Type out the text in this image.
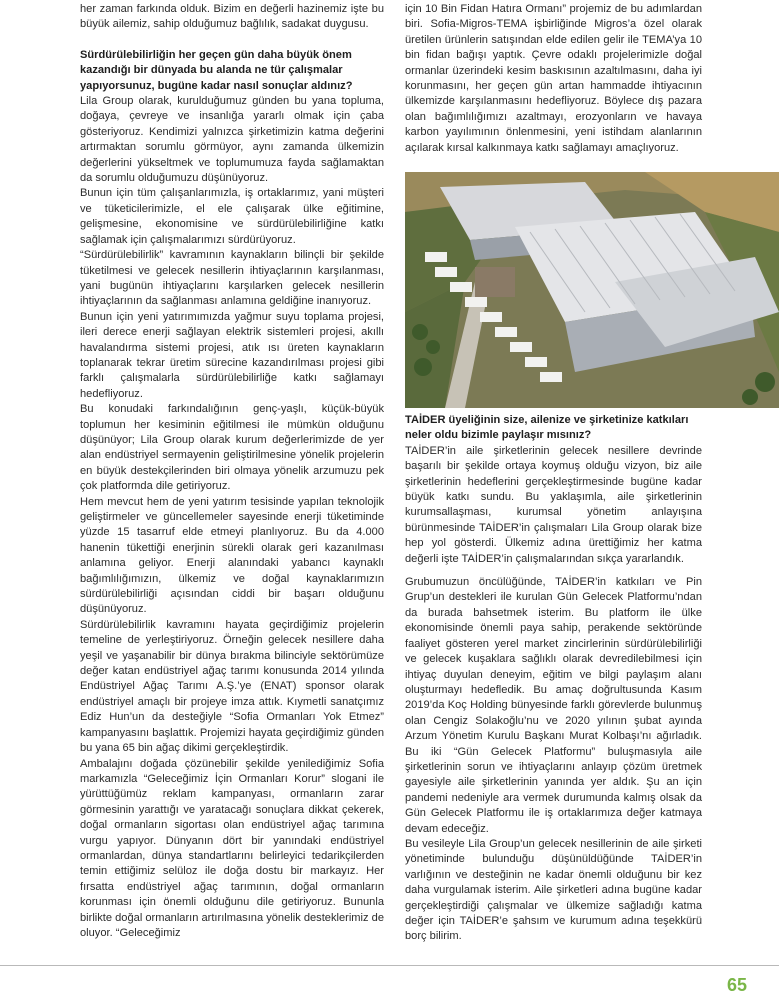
her zaman farkında olduk. Bizim en değerli hazinemiz işte bu büyük ailemiz, sahip olduğumuz bağlılık, sadakat duygusu.

Sürdürülebilirliğin her geçen gün daha büyük önem kazandığı bir dünyada bu alanda ne tür çalışmalar yapıyorsunuz, bugüne kadar nasıl sonuçlar aldınız?

Lila Group olarak, kurulduğumuz günden bu yana topluma, doğaya, çevreye ve insanlığa yararlı olmak için çaba gösteriyoruz. Kendimizi yalnızca şirketimizin katma değerini artırmaktan sorumlu görmüyor, aynı zamanda ülkemizin değerlerini yükseltmek ve toplumumuza fayda sağlamaktan da sorumlu olduğumuzu düşünüyoruz.

Bunun için tüm çalışanlarımızla, iş ortaklarımız, yani müşteri ve tüketicilerimizle, el ele çalışarak ülke eğitimine, gelişmesine, ekonomisine ve sürdürülebilirliğine katkı sağlamak için çalışmalarımızı sürdürüyoruz.

“Sürdürülebilirlik” kavramının kaynakların bilinçli bir şekilde tüketilmesi ve gelecek nesillerin ihtiyaçlarının karşılanması, yani bugünün ihtiyaçlarını karşılarken gelecek nesillerin ihtiyaçlarının da sağlanması anlamına geldiğine inanıyoruz.

Bunun için yeni yatırımımızda yağmur suyu toplama projesi, ileri derece enerji sağlayan elektrik sistemleri projesi, akıllı havalandırma sistemi projesi, atık ısı üreten kaynakların toplanarak tekrar üretim sürecine kazandırılması projesi gibi farklı çalışmalarla sürdürülebilirliğe katkı sağlamayı hedefliyoruz.

Bu konudaki farkındalığının genç-yaşlı, küçük-büyük toplumun her kesiminin eğitilmesi ile mümkün olduğunu düşünüyor; Lila Group olarak kurum değerlerimizde de yer alan endüstriyel sermayenin geliştirilmesine yönelik projelerin en büyük destekçilerinden biri olmaya yönelik arzumuzu pek çok platformda dile getiriyoruz.

Hem mevcut hem de yeni yatırım tesisinde yapılan teknolojik geliştirmeler ve güncellemeler sayesinde enerji tüketiminde yüzde 15 tasarruf elde etmeyi planlıyoruz. Bu da 4.000 hanenin tükettiği enerjinin sürekli olarak geri kazanılması anlamına geliyor. Enerji alanındaki yabancı kaynaklı bağımlılığımızın, ülkemiz ve doğal kaynaklarımızın sürdürülebilirliği açısından ciddi bir başarı olduğunu düşünüyoruz.

Sürdürülebilirlik kavramını hayata geçirdiğimiz projelerin temeline de yerleştiriyoruz. Örneğin gelecek nesillere daha yeşil ve yaşanabilir bir dünya bırakma bilinciyle sektörümüze değer katan endüstriyel ağaç tarımı konusunda 2014 yılında Endüstriyel Ağaç Tarımı A.Ş.’ye (ENAT) sponsor olarak endüstriyel amaçlı bir projeye imza attık. Kıymetli sanatçımız Ediz Hun’un da desteğiyle “Sofia Ormanları Yok Etmez” kampanyasını başlattık. Projemizi hayata geçirdiğimiz günden bu yana 65 bin ağaç dikimi gerçekleştirdik.

Ambalajını doğada çözünebilir şekilde yenilediğimiz Sofia markamızla “Geleceğimiz İçin Ormanları Korur” slogani ile yürüttüğümüz reklam kampanyası, ormanların zarar görmesinin yarattığı ve yaratacağı sonuçlara dikkat çekerek, doğal ormanların sigortası olan endüstriyel ağaç tarımına vurgu yapıyor. Dünyanın dört bir yanındaki endüstriyel ormanlardan, dünya standartlarını belirleyici tedarikçilerden temin ettiğimiz selüloz ile doğa dostu bir markayız. Her fırsatta endüstriyel ağaç tarımının, doğal ormanların korunması için önemli olduğunu dile getiriyoruz. Bununla birlikte doğal ormanların artırılmasına yönelik desteklerimiz de oluyor. “Geleceğimiz

için 10 Bin Fidan Hatıra Ormanı” projemiz de bu adımlardan biri. Sofia-Migros-TEMA işbirliğinde Migros’a özel olarak üretilen ürünlerin satışından elde edilen gelir ile TEMA’ya 10 bin fidan bağışı yaptık. Çevre odaklı projelerimizle doğal ormanlar üzerindeki kesim baskısının azaltılmasını, daha iyi korunmasını, her geçen gün artan hammadde ihtiyacının ülkemizde karşılanmasını hedefliyoruz. Böylece dış pazara olan bağımlılığımızı azaltmayı, erozyonların ve havaya karbon yayılımının önlenmesini, yeni istihdam alanlarının açılarak kırsal kalkınmaya katkı sağlamayı amaçlıyoruz.

TAİDER üyeliğinin size, ailenize ve şirketinize katkıları neler oldu bizimle paylaşır mısınız?

TAİDER’in aile şirketlerinin gelecek nesillere devrinde başarılı bir şekilde ortaya koymuş olduğu vizyon, biz aile şirketlerinin hedeflerini gerçekleştirmesinde bugüne kadar büyük katkı sundu. Bu yaklaşımla, aile şirketlerinin kurumsallaşması, kurumsal yönetim anlayışına bürünmesinde TAİDER’in çalışmaları Lila Group olarak bize hep yol gösterdi. Ülkemiz adına ürettiğimiz her katma değerli işte TAİDER’in çalışmalarından sıkça yararlandık.

Grubumuzun öncülüğünde, TAİDER’in katkıları ve Pin Grup’un destekleri ile kurulan Gün Gelecek Platformu’ndan da burada bahsetmek isterim. Bu platform ile ülke ekonomisinde önemli paya sahip, perakende sektöründe faaliyet gösteren yerel market zincirlerinin sürdürülebilirliği ve gelecek kuşaklara sağlıklı olarak devredilebilmesi için ihtiyaç duyulan deneyim, eğitim ve bilgi paylaşım alanı oluşturmayı hedefledik. Bu amaç doğrultusunda Kasım 2019’da Koç Holding bünyesinde farklı görevlerde bulunmuş olan Cengiz Solakoğlu’nu ve 2020 yılının şubat ayında Arzum Yönetim Kurulu Başkanı Murat Kolbaşı’nı ağırladık. Bu iki “Gün Gelecek Platformu” buluşmasıyla aile şirketlerinin sorun ve ihtiyaçlarını anlayıp çözüm üretmek gayesiyle aile şirketlerinin yanında yer aldık. Şu an için pandemi nedeniyle ara vermek durumunda kalmış olsak da Gün Gelecek Platformu ile iş ortaklarımıza değer katmaya devam edeceğiz.

Bu vesileyle Lila Group’un gelecek nesillerinin de aile şirketi yönetiminde bulunduğu düşünüldüğünde TAİDER’in varlığının ve desteğinin ne kadar önemli olduğunu bir kez daha vurgulamak isterim. Aile şirketleri adına bugüne kadar gerçekleştirdiği çalışmalar ve ülkemize sağladığı katma değer için TAİDER’e şahsım ve kurumum adına teşekkürü borç bilirim.

65
